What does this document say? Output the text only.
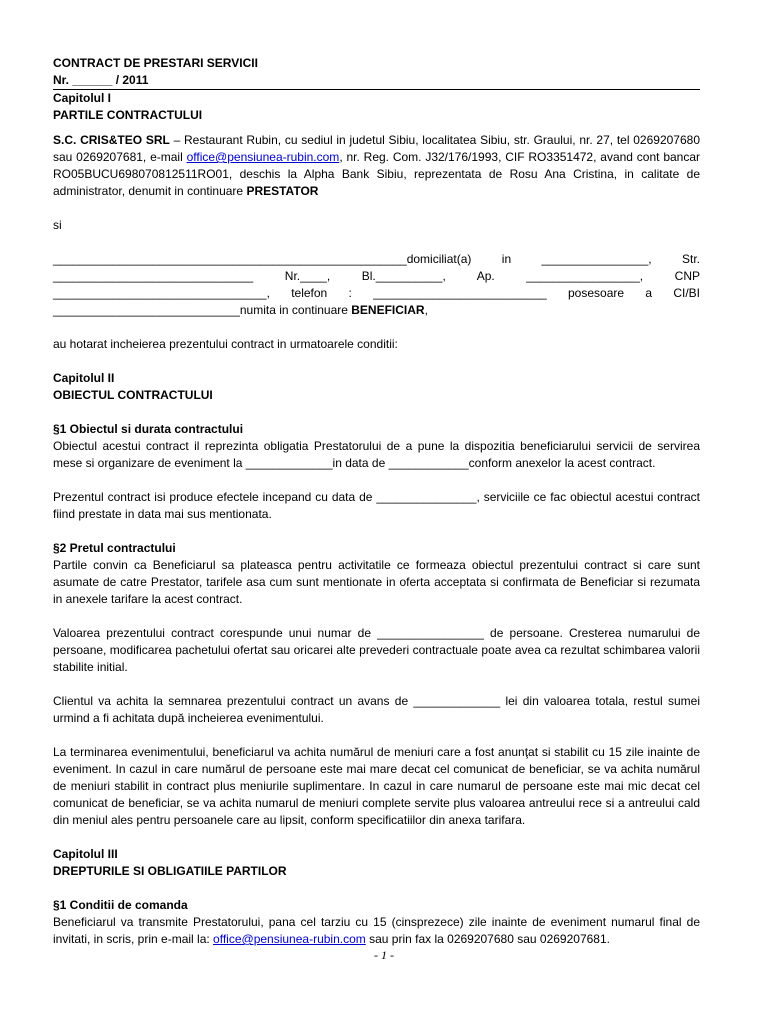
CONTRACT DE PRESTARI SERVICII
Nr. ______ / 2011
Capitolul I
PARTILE CONTRACTULUI

S.C. CRIS&TEO SRL – Restaurant Rubin, cu sediul in judetul Sibiu, localitatea Sibiu, str. Graului, nr. 27, tel 0269207680 sau 0269207681, e-mail office@pensiunea-rubin.com, nr. Reg. Com. J32/176/1993, CIF RO3351472, avand cont bancar RO05BUCU698070812511RO01, deschis la Alpha Bank Sibiu, reprezentata de Rosu Ana Cristina, in calitate de administrator, denumit in continuare PRESTATOR

si

_____________________________________________________domiciliat(a) in ________________, Str. ______________________________ Nr.____, Bl.__________, Ap. _________________, CNP

________________________________, telefon : __________________________ posesoare a CI/BI

____________________________numita in continuare BENEFICIAR,

au hotarat incheierea prezentului contract in urmatoarele conditii:

Capitolul II
OBIECTUL CONTRACTULUI
§1 Obiectul si durata contractului

Obiectul acestui contract il reprezinta obligatia Prestatorului de a pune la dispozitia beneficiarului servicii de servirea mese si organizare de eveniment la _____________in data de ____________conform anexelor la acest contract.

Prezentul contract isi produce efectele incepand cu data de _______________, serviciile ce fac obiectul acestui contract fiind prestate in data mai sus mentionata.

§2 Pretul contractului

Partile convin ca Beneficiarul sa plateasca pentru activitatile ce formeaza obiectul prezentului contract si care sunt asumate de catre Prestator, tarifele asa cum sunt mentionate in oferta acceptata si confirmata de Beneficiar si rezumata in anexele tarifare la acest contract.

Valoarea prezentului contract corespunde unui numar de ________________ de persoane. Cresterea numarului de persoane, modificarea pachetului ofertat sau oricarei alte prevederi contractuale poate avea ca rezultat schimbarea valorii stabilite initial.

Clientul va achita la semnarea prezentului contract un avans de _____________ lei din valoarea totala, restul sumei urmind a fi achitata după incheierea evenimentului.

La terminarea evenimentului, beneficiarul va achita numărul de meniuri care a fost anunţat si stabilit cu 15 zile inainte de eveniment. In cazul in care numărul de persoane este mai mare decat cel comunicat de beneficiar, se va achita numărul de meniuri stabilit in contract plus meniurile suplimentare. In cazul in care numarul de persoane este mai mic decat cel comunicat de beneficiar, se va achita numarul de meniuri complete servite plus valoarea antreului rece si a antreului cald din meniul ales pentru persoanele care au lipsit, conform specificatiilor din anexa tarifara.

Capitolul III
DREPTURILE SI OBLIGATIILE PARTILOR
§1 Conditii de comanda

Beneficiarul va transmite Prestatorului, pana cel tarziu cu 15 (cinsprezece) zile inainte de eveniment numarul final de invitati, in scris, prin e-mail la: office@pensiunea-rubin.com sau prin fax la 0269207680 sau 0269207681.

- 1 -
